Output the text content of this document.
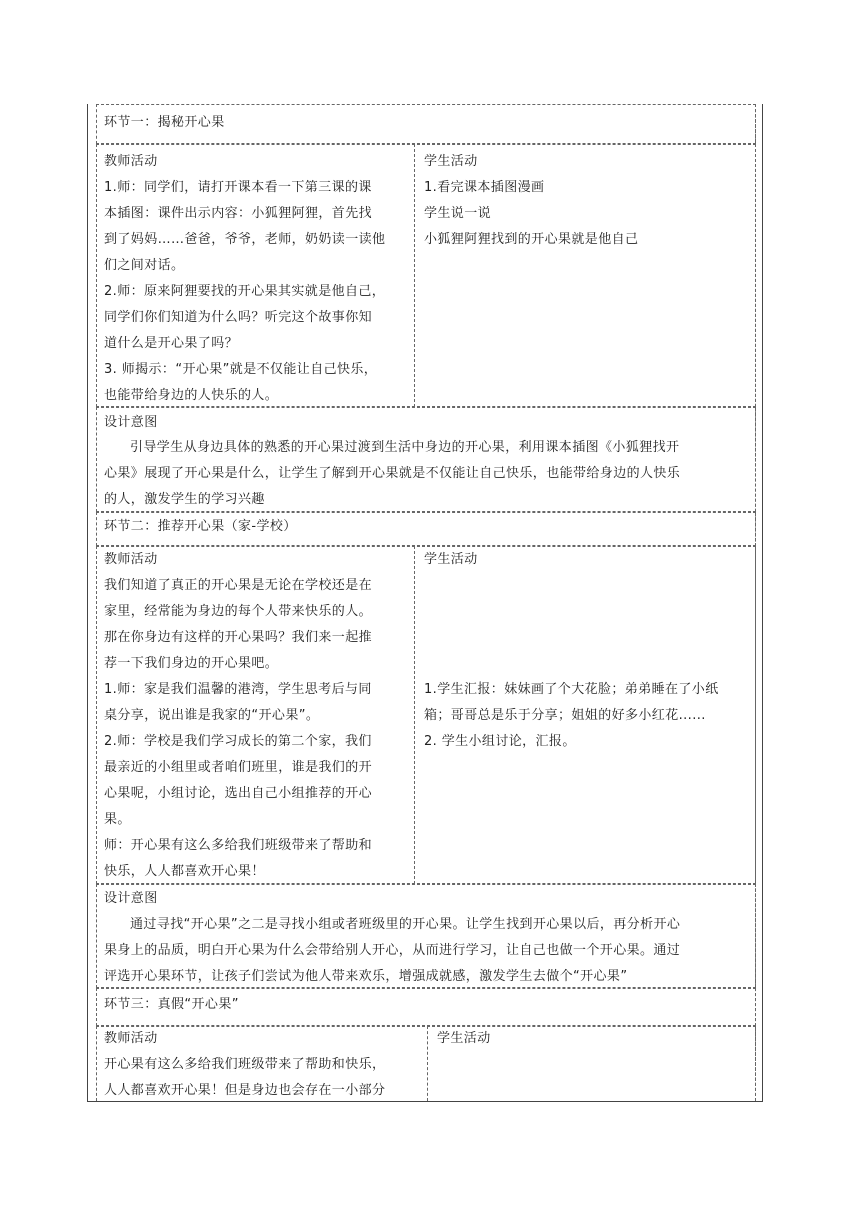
环节一：揭秘开心果
教师活动
1.师：同学们，请打开课本看一下第三课的课
本插图：课件出示内容：小狐狸阿狸，首先找
到了妈妈……爸爸，爷爷，老师，奶奶读一读他
们之间对话。
2.师：原来阿狸要找的开心果其实就是他自己，
同学们你们知道为什么吗？听完这个故事你知
道什么是开心果了吗？
3. 师揭示：“开心果”就是不仅能让自己快乐，
也能带给身边的人快乐的人。
学生活动
1.看完课本插图漫画
学生说一说
小狐狸阿狸找到的开心果就是他自己
设计意图
引导学生从身边具体的熟悉的开心果过渡到生活中身边的开心果，利用课本插图《小狐狸找开
心果》展现了开心果是什么，让学生了解到开心果就是不仅能让自己快乐，也能带给身边的人快乐
的人，激发学生的学习兴趣
环节二：推荐开心果（家-学校）
教师活动
我们知道了真正的开心果是无论在学校还是在
家里，经常能为身边的每个人带来快乐的人。
那在你身边有这样的开心果吗？我们来一起推
荐一下我们身边的开心果吧。
1.师：家是我们温馨的港湾，学生思考后与同
桌分享，说出谁是我家的“开心果”。
2.师：学校是我们学习成长的第二个家，我们
最亲近的小组里或者咱们班里，谁是我们的开
心果呢，小组讨论，选出自己小组推荐的开心
果。
师：开心果有这么多给我们班级带来了帮助和
快乐，人人都喜欢开心果！
学生活动
1.学生汇报：妹妹画了个大花脸；弟弟睡在了小纸
箱；哥哥总是乐于分享；姐姐的好多小红花......
2. 学生小组讨论，汇报。
设计意图
通过寻找“开心果”之二是寻找小组或者班级里的开心果。让学生找到开心果以后，再分析开心
果身上的品质，明白开心果为什么会带给别人开心，从而进行学习，让自己也做一个开心果。通过
评选开心果环节，让孩子们尝试为他人带来欢乐，增强成就感，激发学生去做个“开心果”
环节三：真假“开心果”
教师活动
开心果有这么多给我们班级带来了帮助和快乐，
人人都喜欢开心果！但是身边也会存在一小部分
学生活动
